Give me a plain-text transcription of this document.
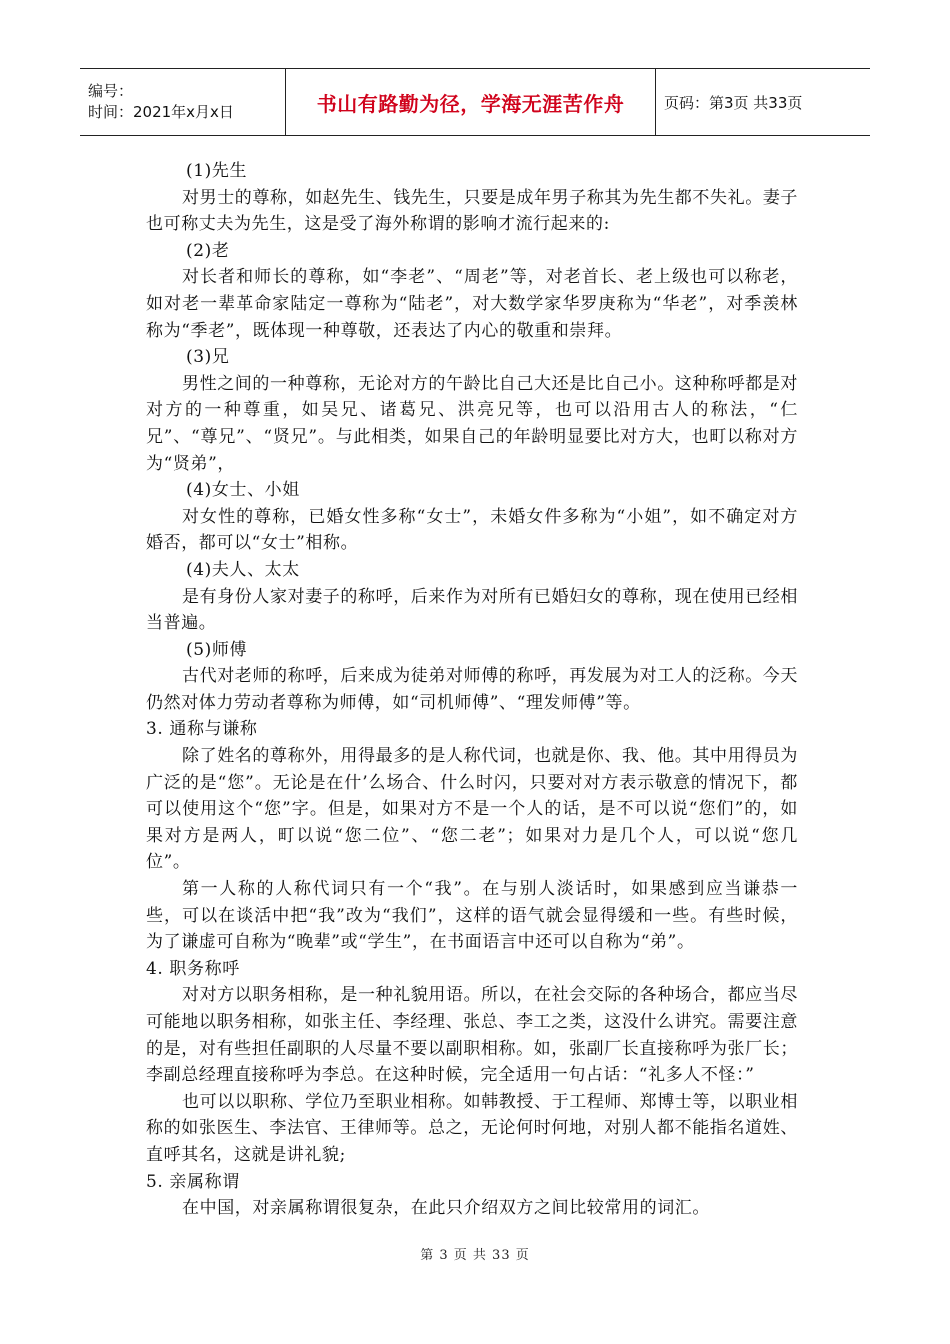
编号：
时间：2021年x月x日	书山有路勤为径，学海无涯苦作舟	页码：第3页 共33页

(1)先生

对男士的尊称，如赵先生、钱先生，只要是成年男子称其为先生都不失礼。妻子也可称丈夫为先生，这是受了海外称谓的影响才流行起来的:

(2)老

对长者和师长的尊称，如“李老”、“周老”等，对老首长、老上级也可以称老，如对老一辈革命家陆定一尊称为“陆老”，对大数学家华罗庚称为“华老”，对季羡林称为“季老”，既体现一种尊敬，还表达了内心的敬重和崇拜。

(3)兄

男性之间的一种尊称，无论对方的午龄比自己大还是比自己小。这种称呼都是对对方的一种尊重，如吴兄、诸葛兄、洪亮兄等，也可以沿用古人的称法，“仁兄”、“尊兄”、“贤兄”。与此相类，如果自己的年龄明显要比对方大，也町以称对方为“贤弟”，

(4)女士、小姐

对女性的尊称，已婚女性多称“女士”，未婚女件多称为“小姐”，如不确定对方婚否，都可以“女士”相称。

(4)夫人、太太

是有身份人家对妻子的称呼，后来作为对所有已婚妇女的尊称，现在使用已经相当普遍。

(5)师傅

古代对老师的称呼，后来成为徒弟对师傅的称呼，再发展为对工人的泛称。今天仍然对体力劳动者尊称为师傅，如“司机师傅”、“理发师傅”等。

3. 通称与谦称

除了姓名的尊称外，用得最多的是人称代词，也就是你、我、他。其中用得员为广泛的是“您”。无论是在什’么场合、什么时闪，只要对对方表示敬意的情况下，都可以使用这个“您”字。但是，如果对方不是一个人的话，是不可以说“您们”的，如果对方是两人，町以说“您二位”、“您二老”；如果对力是几个人，可以说“您几位”。

第一人称的人称代词只有一个“我”。在与别人淡话时，如果感到应当谦恭一些，可以在谈活中把“我”改为“我们”，这样的语气就会显得缓和一些。有些时候，为了谦虚可自称为“晚辈”或“学生”，在书面语言中还可以自称为“弟”。

4. 职务称呼

对对方以职务相称，是一种礼貌用语。所以，在社会交际的各种场合，都应当尽可能地以职务相称，如张主任、李经理、张总、李工之类，这没什么讲究。需要注意的是，对有些担任副职的人尽量不要以副职相称。如，张副厂长直接称呼为张厂长；李副总经理直接称呼为李总。在这种时候，完全适用一句占话：“礼多人不怪：”

也可以以职称、学位乃至职业相称。如韩教授、于工程师、郑博士等，以职业相称的如张医生、李法官、王律师等。总之，无论何时何地，对别人都不能指名道姓、直呼其名，这就是讲礼貌;

5. 亲属称谓

在中国，对亲属称谓很复杂，在此只介绍双方之间比较常用的词汇。

第 3 页 共 33 页
